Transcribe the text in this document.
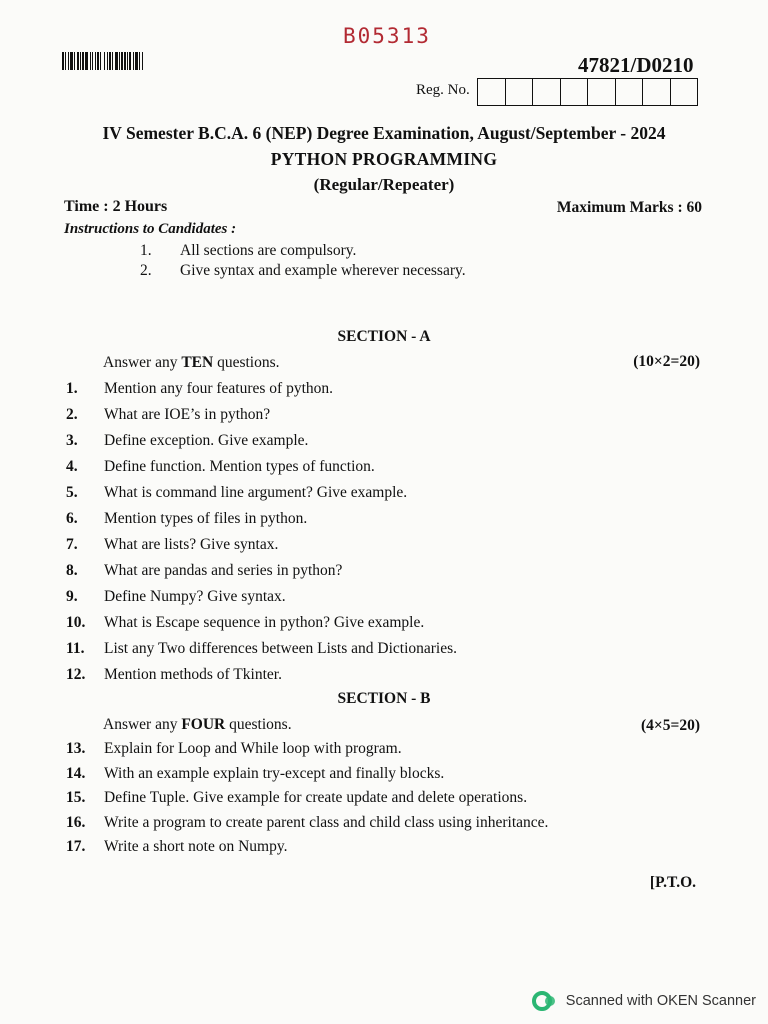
B05313
47821/D0210
Reg. No.
IV Semester B.C.A. 6 (NEP) Degree Examination, August/September - 2024
PYTHON PROGRAMMING
(Regular/Repeater)
Time : 2 Hours	Maximum Marks : 60
Instructions to Candidates :
1.	All sections are compulsory.
2.	Give syntax and example wherever necessary.
SECTION - A
Answer any TEN questions.	(10×2=20)
1.	Mention any four features of python.
2.	What are IOE’s in python?
3.	Define exception. Give example.
4.	Define function. Mention types of function.
5.	What is command line argument? Give example.
6.	Mention types of files in python.
7.	What are lists? Give syntax.
8.	What are pandas and series in python?
9.	Define Numpy? Give syntax.
10.	What is Escape sequence in python? Give example.
11.	List any Two differences between Lists and Dictionaries.
12.	Mention methods of Tkinter.
SECTION - B
Answer any FOUR questions.	(4×5=20)
13.	Explain for Loop and While loop with program.
14.	With an example explain try-except and finally blocks.
15.	Define Tuple. Give example for create update and delete operations.
16.	Write a program to create parent class and child class using inheritance.
17.	Write a short note on Numpy.
[P.T.O.
Scanned with OKEN Scanner
